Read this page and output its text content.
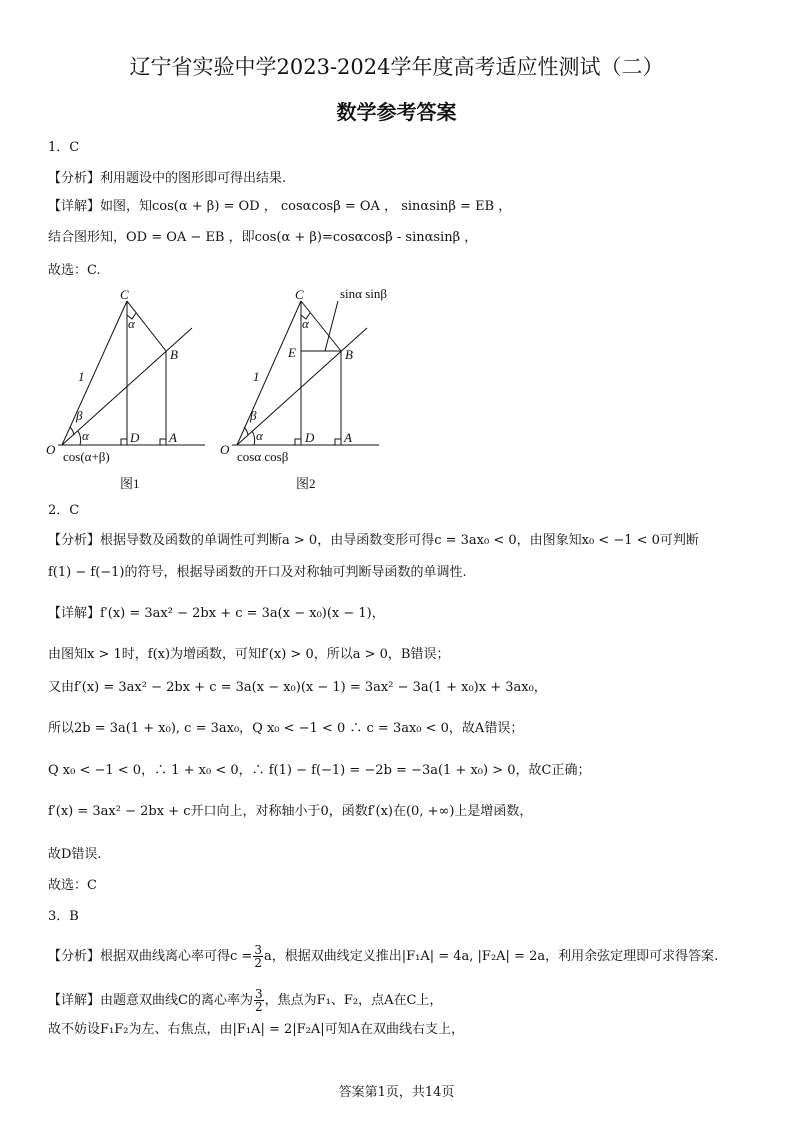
辽宁省实验中学2023-2024学年度高考适应性测试（二）
数学参考答案
1．C
【分析】利用题设中的图形即可得出结果.
【详解】如图，知cos(α + β) = OD ， cosαcosβ = OA ， sinαsinβ = EB ，
结合图形知，OD = OA − EB ，即cos(α + β)=cosαcosβ - sinαsinβ ，
故选：C.
C
B
O
D A
1
α
α
β
C
B
E
O
D A
1
α
α
β
sinα sinβ
cos(α+β)	cosα cosβ
图1	图2
2．C
【分析】根据导数及函数的单调性可判断a > 0，由导函数变形可得c = 3ax₀ < 0，由图象知x₀ < −1 < 0可判断
f(1) − f(−1)的符号，根据导函数的开口及对称轴可判断导函数的单调性.
【详解】f′(x) = 3ax² − 2bx + c = 3a(x − x₀)(x − 1)，
由图知x > 1时，f(x)为增函数，可知f′(x) > 0，所以a > 0，B错误；
又由f′(x) = 3ax² − 2bx + c = 3a(x − x₀)(x − 1) = 3ax² − 3a(1 + x₀)x + 3ax₀，
所以2b = 3a(1 + x₀), c = 3ax₀，Q x₀ < −1 < 0 ∴ c = 3ax₀ < 0，故A错误；
Q x₀ < −1 < 0，∴ 1 + x₀ < 0，∴ f(1) − f(−1) = −2b = −3a(1 + x₀) > 0，故C正确；
f′(x) = 3ax² − 2bx + c开口向上，对称轴小于0，函数f′(x)在(0, +∞)上是增函数，
故D错误.
故选：C
3．B
【分析】根据双曲线离心率可得$c = \frac{3}{2}$ a，根据双曲线定义推出|F₁A| = 4a, |F₂A| = 2a，利用余弦定理即可求得答案.
【详解】由题意双曲线C的离心率为 $\frac{3}{2}$ ，焦点为F₁、F₂，点A在C上，
故不妨设F₁F₂为左、右焦点，由|F₁A| = 2|F₂A|可知A在双曲线右支上，
答案第1页，共14页
